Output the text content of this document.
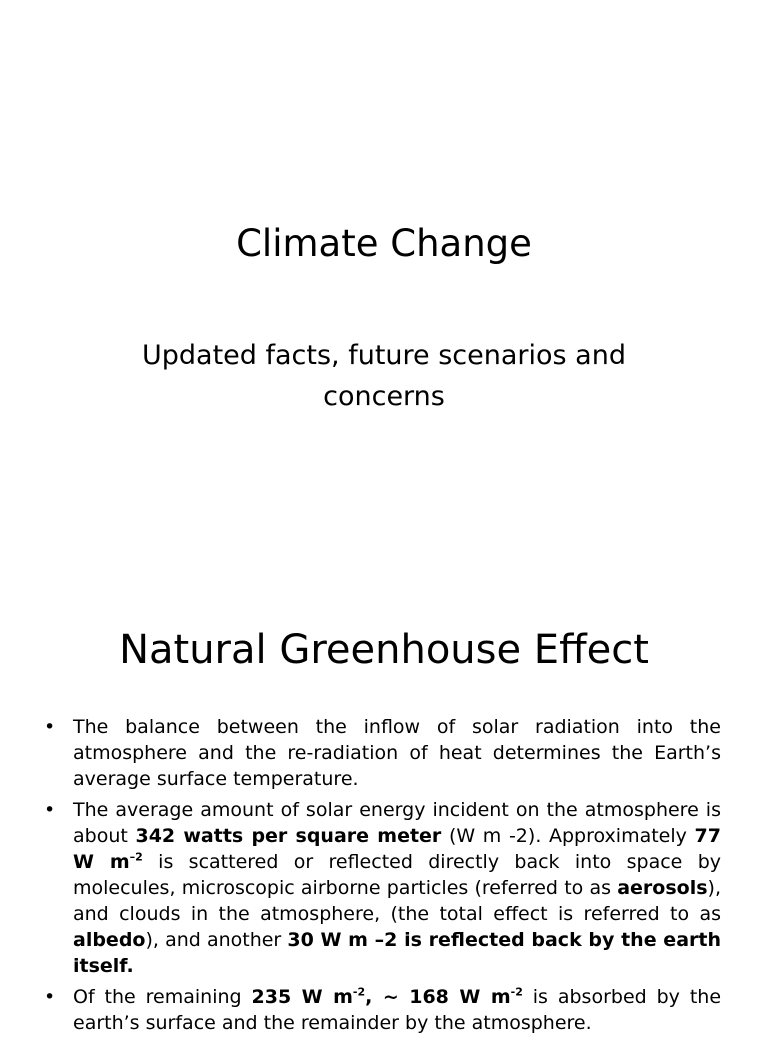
Climate Change
Updated facts, future scenarios and concerns
Natural Greenhouse Effect
• The balance between the inflow of solar radiation into the atmosphere and the re-radiation of heat determines the Earth’s average surface temperature.
• The average amount of solar energy incident on the atmosphere is about 342 watts per square meter (W m -2). Approximately 77 W $m^{-2}$ is scattered or reflected directly back into space by molecules, microscopic airborne particles (referred to as aerosols), and clouds in the atmosphere, (the total effect is referred to as albedo), and another 30 W m –2 is reflected back by the earth itself.
• Of the remaining 235 W $m^{-2}$, ~ 168 W $m^{-2}$ is absorbed by the earth’s surface and the remainder by the atmosphere.
